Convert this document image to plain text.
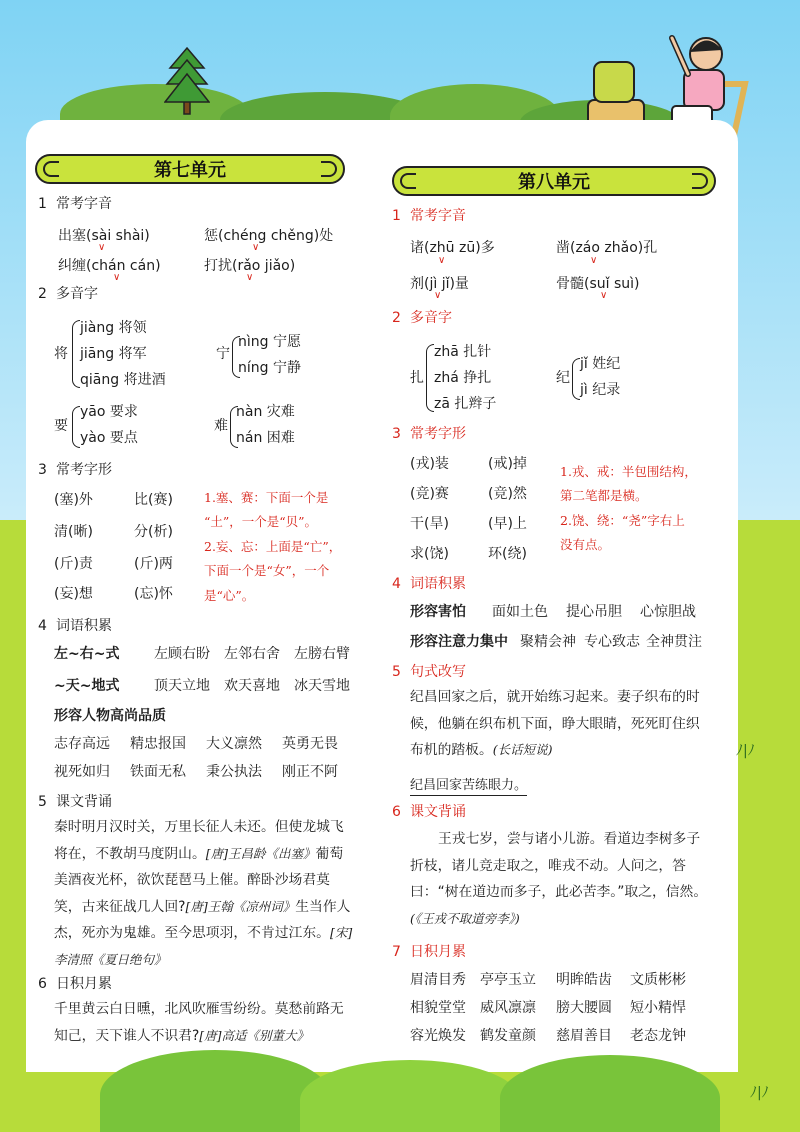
ﾉ|ﾉ
ﾉ|ﾉ
第七单元
1 常考字音
出塞(sài shài)	惩(chéng chěng)处
纠缠(chán cán)	打扰(rǎo jiǎo)
∨	∨
∨	∨
2 多音字
将
jiàng 将领
jiāng 将军
qiāng 将进酒
宁
nìng 宁愿
níng 宁静
要
yāo 要求
yào 要点
难
nàn 灾难
nán 困难
3 常考字形
(塞)外	比(赛)
清(晰)	分(析)
(斤)责	(斤)两
(妄)想	(忘)怀
1.塞、赛：下面一个是
“土”，一个是“贝”。
2.妄、忘：上面是“亡”，
下面一个是“女”，一个
是“心”。
4 词语积累
左~右~式 左顾右盼 左邻右舍 左膀右臂
~天~地式 顶天立地 欢天喜地 冰天雪地
形容人物高尚品质
志存高远 精忠报国 大义凛然 英勇无畏
视死如归 铁面无私 秉公执法 刚正不阿
5 课文背诵
秦时明月汉时关，万里长征人未还。但使龙城飞将在，不教胡马度阴山。[唐]王昌龄《出塞》葡萄美酒夜光杯，欲饮琵琶马上催。醉卧沙场君莫笑，古来征战几人回?[唐]王翰《凉州词》生当作人杰，死亦为鬼雄。至今思项羽，不肯过江东。[宋]李清照《夏日绝句》
6 日积月累
千里黄云白日曛，北风吹雁雪纷纷。莫愁前路无知己，天下谁人不识君?[唐]高适《别董大》
第八单元
1 常考字音
诸(zhū zū)多	凿(záo zhǎo)孔
剂(jì jǐ)量	骨髓(suǐ suì)
∨	∨
∨	∨
2 多音字
扎
zhā 扎针
zhá 挣扎
zā 扎辫子
纪
jǐ 姓纪
jì 纪录
3 常考字形
(戎)装	(戒)掉
(竞)赛	(竞)然
干(旱)	(早)上
求(饶)	环(绕)
1.戎、戒：半包围结构，
第二笔都是横。
2.饶、绕：“尧”字右上
没有点。
4 词语积累
形容害怕 面如土色 提心吊胆 心惊胆战
形容注意力集中 聚精会神 专心致志 全神贯注
5 句式改写
纪昌回家之后，就开始练习起来。妻子织布的时候，他躺在织布机下面，睁大眼睛，死死盯住织布机的踏板。(长话短说)
纪昌回家苦练眼力。
6 课文背诵
王戎七岁，尝与诸小儿游。看道边李树多子折枝，诸儿竞走取之，唯戎不动。人问之，答曰：“树在道边而多子，此必苦李。”取之，信然。(《王戎不取道旁李》)
7 日积月累
眉清目秀 亭亭玉立 明眸皓齿 文质彬彬
相貌堂堂 威风凛凛 膀大腰圆 短小精悍
容光焕发 鹤发童颜 慈眉善目 老态龙钟
